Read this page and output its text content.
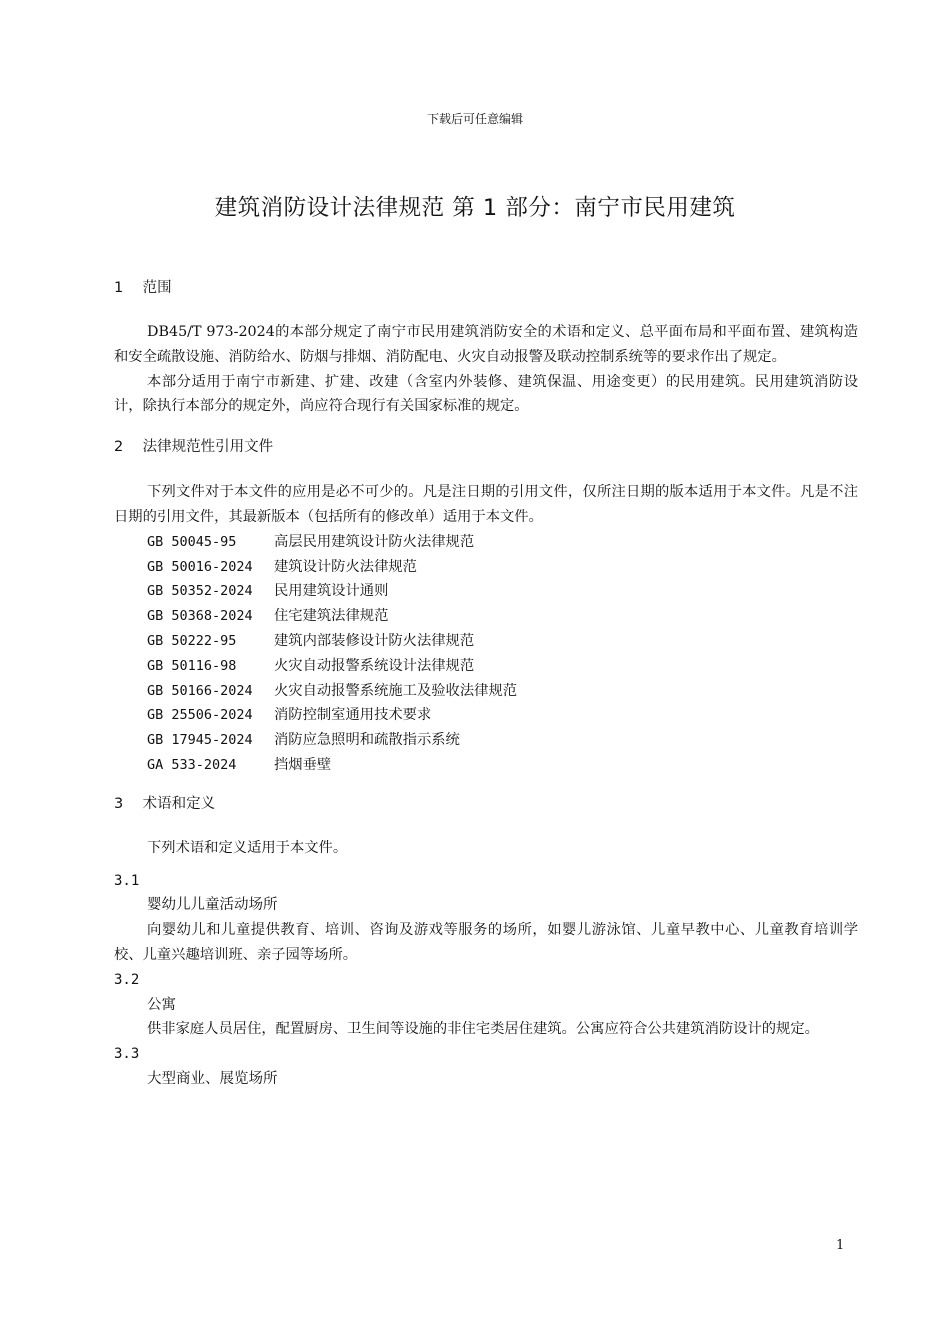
下载后可任意编辑
建筑消防设计法律规范 第 1 部分：南宁市民用建筑
1 范围

DB45/T 973-2024的本部分规定了南宁市民用建筑消防安全的术语和定义、总平面布局和平面布置、建筑构造和安全疏散设施、消防给水、防烟与排烟、消防配电、火灾自动报警及联动控制系统等的要求作出了规定。

本部分适用于南宁市新建、扩建、改建（含室内外装修、建筑保温、用途变更）的民用建筑。民用建筑消防设计，除执行本部分的规定外，尚应符合现行有关国家标准的规定。

2 法律规范性引用文件

下列文件对于本文件的应用是必不可少的。凡是注日期的引用文件，仅所注日期的版本适用于本文件。凡是不注日期的引用文件，其最新版本（包括所有的修改单）适用于本文件。

GB 50045-95	高层民用建筑设计防火法律规范
GB 50016-2024 建筑设计防火法律规范
GB 50352-2024 民用建筑设计通则
GB 50368-2024 住宅建筑法律规范
GB 50222-95	建筑内部装修设计防火法律规范
GB 50116-98	火灾自动报警系统设计法律规范
GB 50166-2024 火灾自动报警系统施工及验收法律规范
GB 25506-2024 消防控制室通用技术要求
GB 17945-2024 消防应急照明和疏散指示系统
GA 533-2024	挡烟垂壁
3 术语和定义

下列术语和定义适用于本文件。

3.1
婴幼儿儿童活动场所

向婴幼儿和儿童提供教育、培训、咨询及游戏等服务的场所，如婴儿游泳馆、儿童早教中心、儿童教育培训学校、儿童兴趣培训班、亲子园等场所。

3.2
公寓

供非家庭人员居住，配置厨房、卫生间等设施的非住宅类居住建筑。公寓应符合公共建筑消防设计的规定。

3.3
大型商业、展览场所
1
